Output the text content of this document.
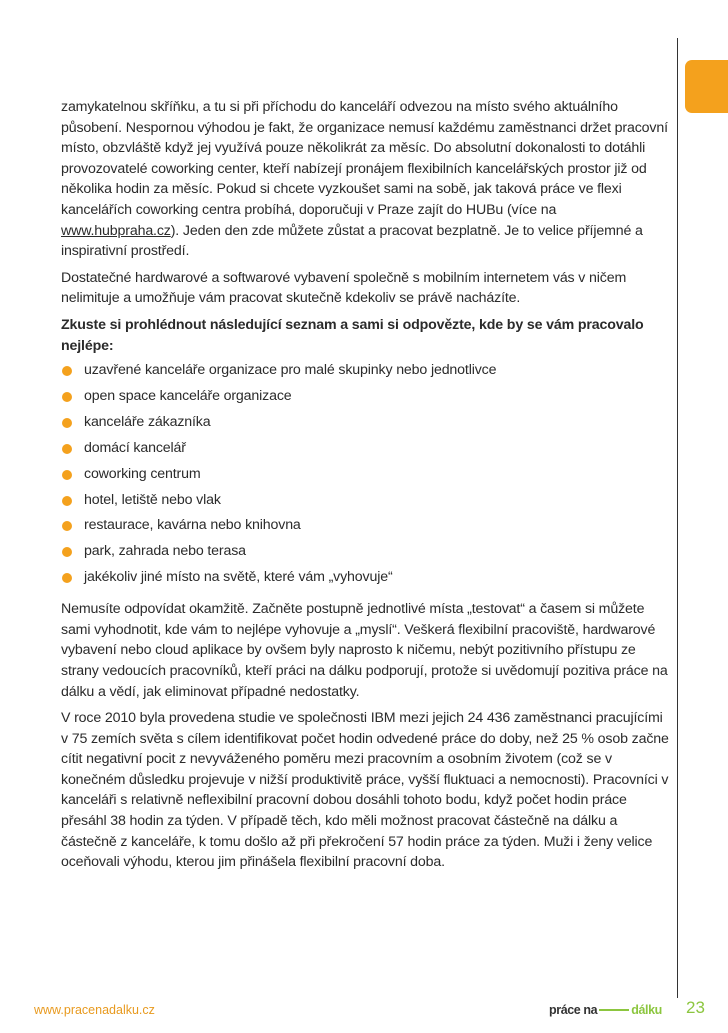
zamykatelnou skříňku, a tu si při příchodu do kanceláří odvezou na místo svého aktuálního působení. Nespornou výhodou je fakt, že organizace nemusí každému zaměstnanci držet pracovní místo, obzvláště když jej využívá pouze několikrát za měsíc. Do absolutní dokonalosti to dotáhli provozovatelé coworking center, kteří nabízejí pronájem flexibilních kancelářských prostor již od několika hodin za měsíc. Pokud si chcete vyzkoušet sami na sobě, jak taková práce ve flexi kancelářích coworking centra probíhá, doporučuji v Praze zajít do HUBu (více na www.hubpraha.cz). Jeden den zde můžete zůstat a pracovat bezplatně. Je to velice příjemné a inspirativní prostředí.

Dostatečné hardwarové a softwarové vybavení společně s mobilním internetem vás v ničem nelimituje a umožňuje vám pracovat skutečně kdekoliv se právě nacházíte.

Zkuste si prohlédnout následující seznam a sami si odpovězte, kde by se vám pracovalo nejlépe:

uzavřené kanceláře organizace pro malé skupinky nebo jednotlivce
open space kanceláře organizace
kanceláře zákazníka
domácí kancelář
coworking centrum
hotel, letiště nebo vlak
restaurace, kavárna nebo knihovna
park, zahrada nebo terasa
jakékoliv jiné místo na světě, které vám „vyhovuje“

Nemusíte odpovídat okamžitě. Začněte postupně jednotlivé místa „testovat“ a časem si můžete sami vyhodnotit, kde vám to nejlépe vyhovuje a „myslí“. Veškerá flexibilní pracoviště, hardwarové vybavení nebo cloud aplikace by ovšem byly naprosto k ničemu, nebýt pozitivního přístupu ze strany vedoucích pracovníků, kteří práci na dálku podporují, protože si uvědomují pozitiva práce na dálku a vědí, jak eliminovat případné nedostatky.

V roce 2010 byla provedena studie ve společnosti IBM mezi jejich 24 436 zaměstnanci pracujícími v 75 zemích světa s cílem identifikovat počet hodin odvedené práce do doby, než 25 % osob začne cítit negativní pocit z nevyváženého poměru mezi pracovním a osobním životem (což se v konečném důsledku projevuje v nižší produktivitě práce, vyšší fluktuaci a nemocnosti). Pracovníci v kanceláři s relativně neflexibilní pracovní dobou dosáhli tohoto bodu, když počet hodin práce přesáhl 38 hodin za týden. V případě těch, kdo měli možnost pracovat částečně na dálku a částečně z kanceláře, k tomu došlo až při překročení 57 hodin práce za týden. Muži i ženy velice oceňovali výhodu, kterou jim přinášela flexibilní pracovní doba.

www.pracenadalku.cz	práce na	dálku 23
